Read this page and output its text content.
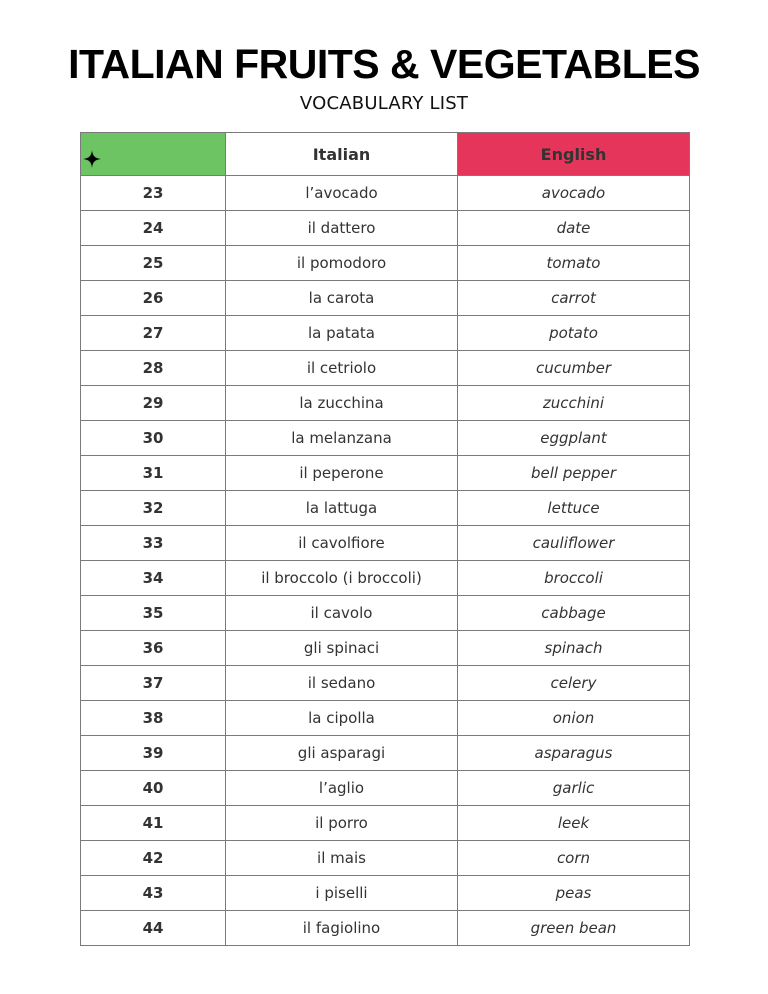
ITALIAN FRUITS & VEGETABLES
VOCABULARY LIST
	Italian	English
23	l’avocado	avocado
24	il dattero	date
25	il pomodoro	tomato
26	la carota	carrot
27	la patata	potato
28	il cetriolo	cucumber
29	la zucchina	zucchini
30	la melanzana	eggplant
31	il peperone	bell pepper
32	la lattuga	lettuce
33	il cavolfiore	cauliflower
34	il broccolo (i broccoli)	broccoli
35	il cavolo	cabbage
36	gli spinaci	spinach
37	il sedano	celery
38	la cipolla	onion
39	gli asparagi	asparagus
40	l’aglio	garlic
41	il porro	leek
42	il mais	corn
43	i piselli	peas
44	il fagiolino	green bean
